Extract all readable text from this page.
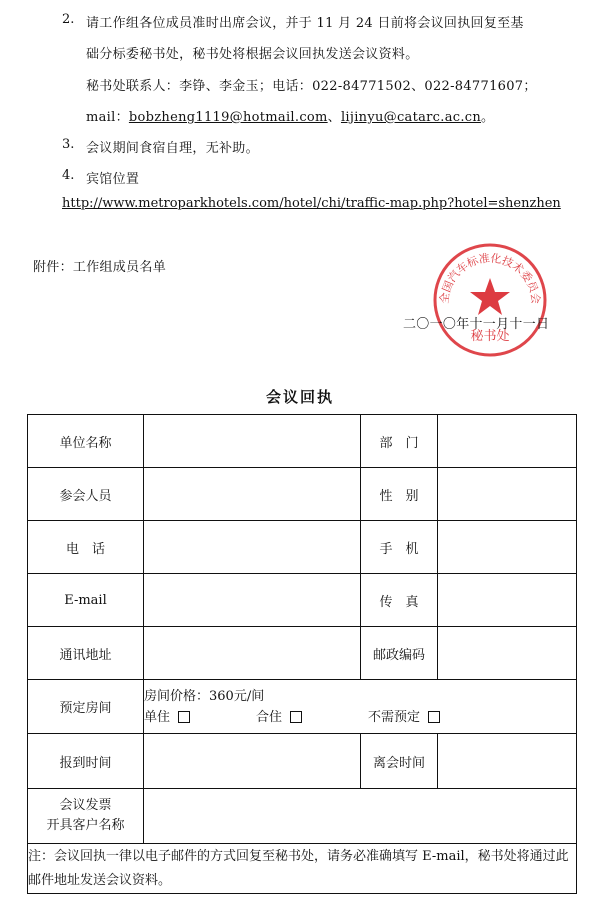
2. 请工作组各位成员准时出席会议，并于 11 月 24 日前将会议回执回复至基
础分标委秘书处，秘书处将根据会议回执发送会议资料。
秘书处联系人：李铮、李金玉；电话：022-84771502、022-84771607；
mail：bobzheng1119@hotmail.com、lijinyu@catarc.ac.cn。
3. 会议期间食宿自理，无补助。
4. 宾馆位置
http://www.metroparkhotels.com/hotel/chi/traffic-map.php?hotel=shenzhen
附件：工作组成员名单
全国汽车标准化技术委员会
秘书处
二〇一〇年十一月十一日
会议回执
单位名称		部　门	
参会人员		性　别	
电　话		手　机	
E-mail		传　真	
通讯地址		邮政编码	
预定房间	房间价格：360元/间
单住 合住 不需预定		

报到时间		离会时间	

会议发票
开具客户名称			

注：会议回执一律以电子邮件的方式回复至秘书处，请务必准确填写 E-mail，秘书处将通过此邮件地址发送会议资料。			
